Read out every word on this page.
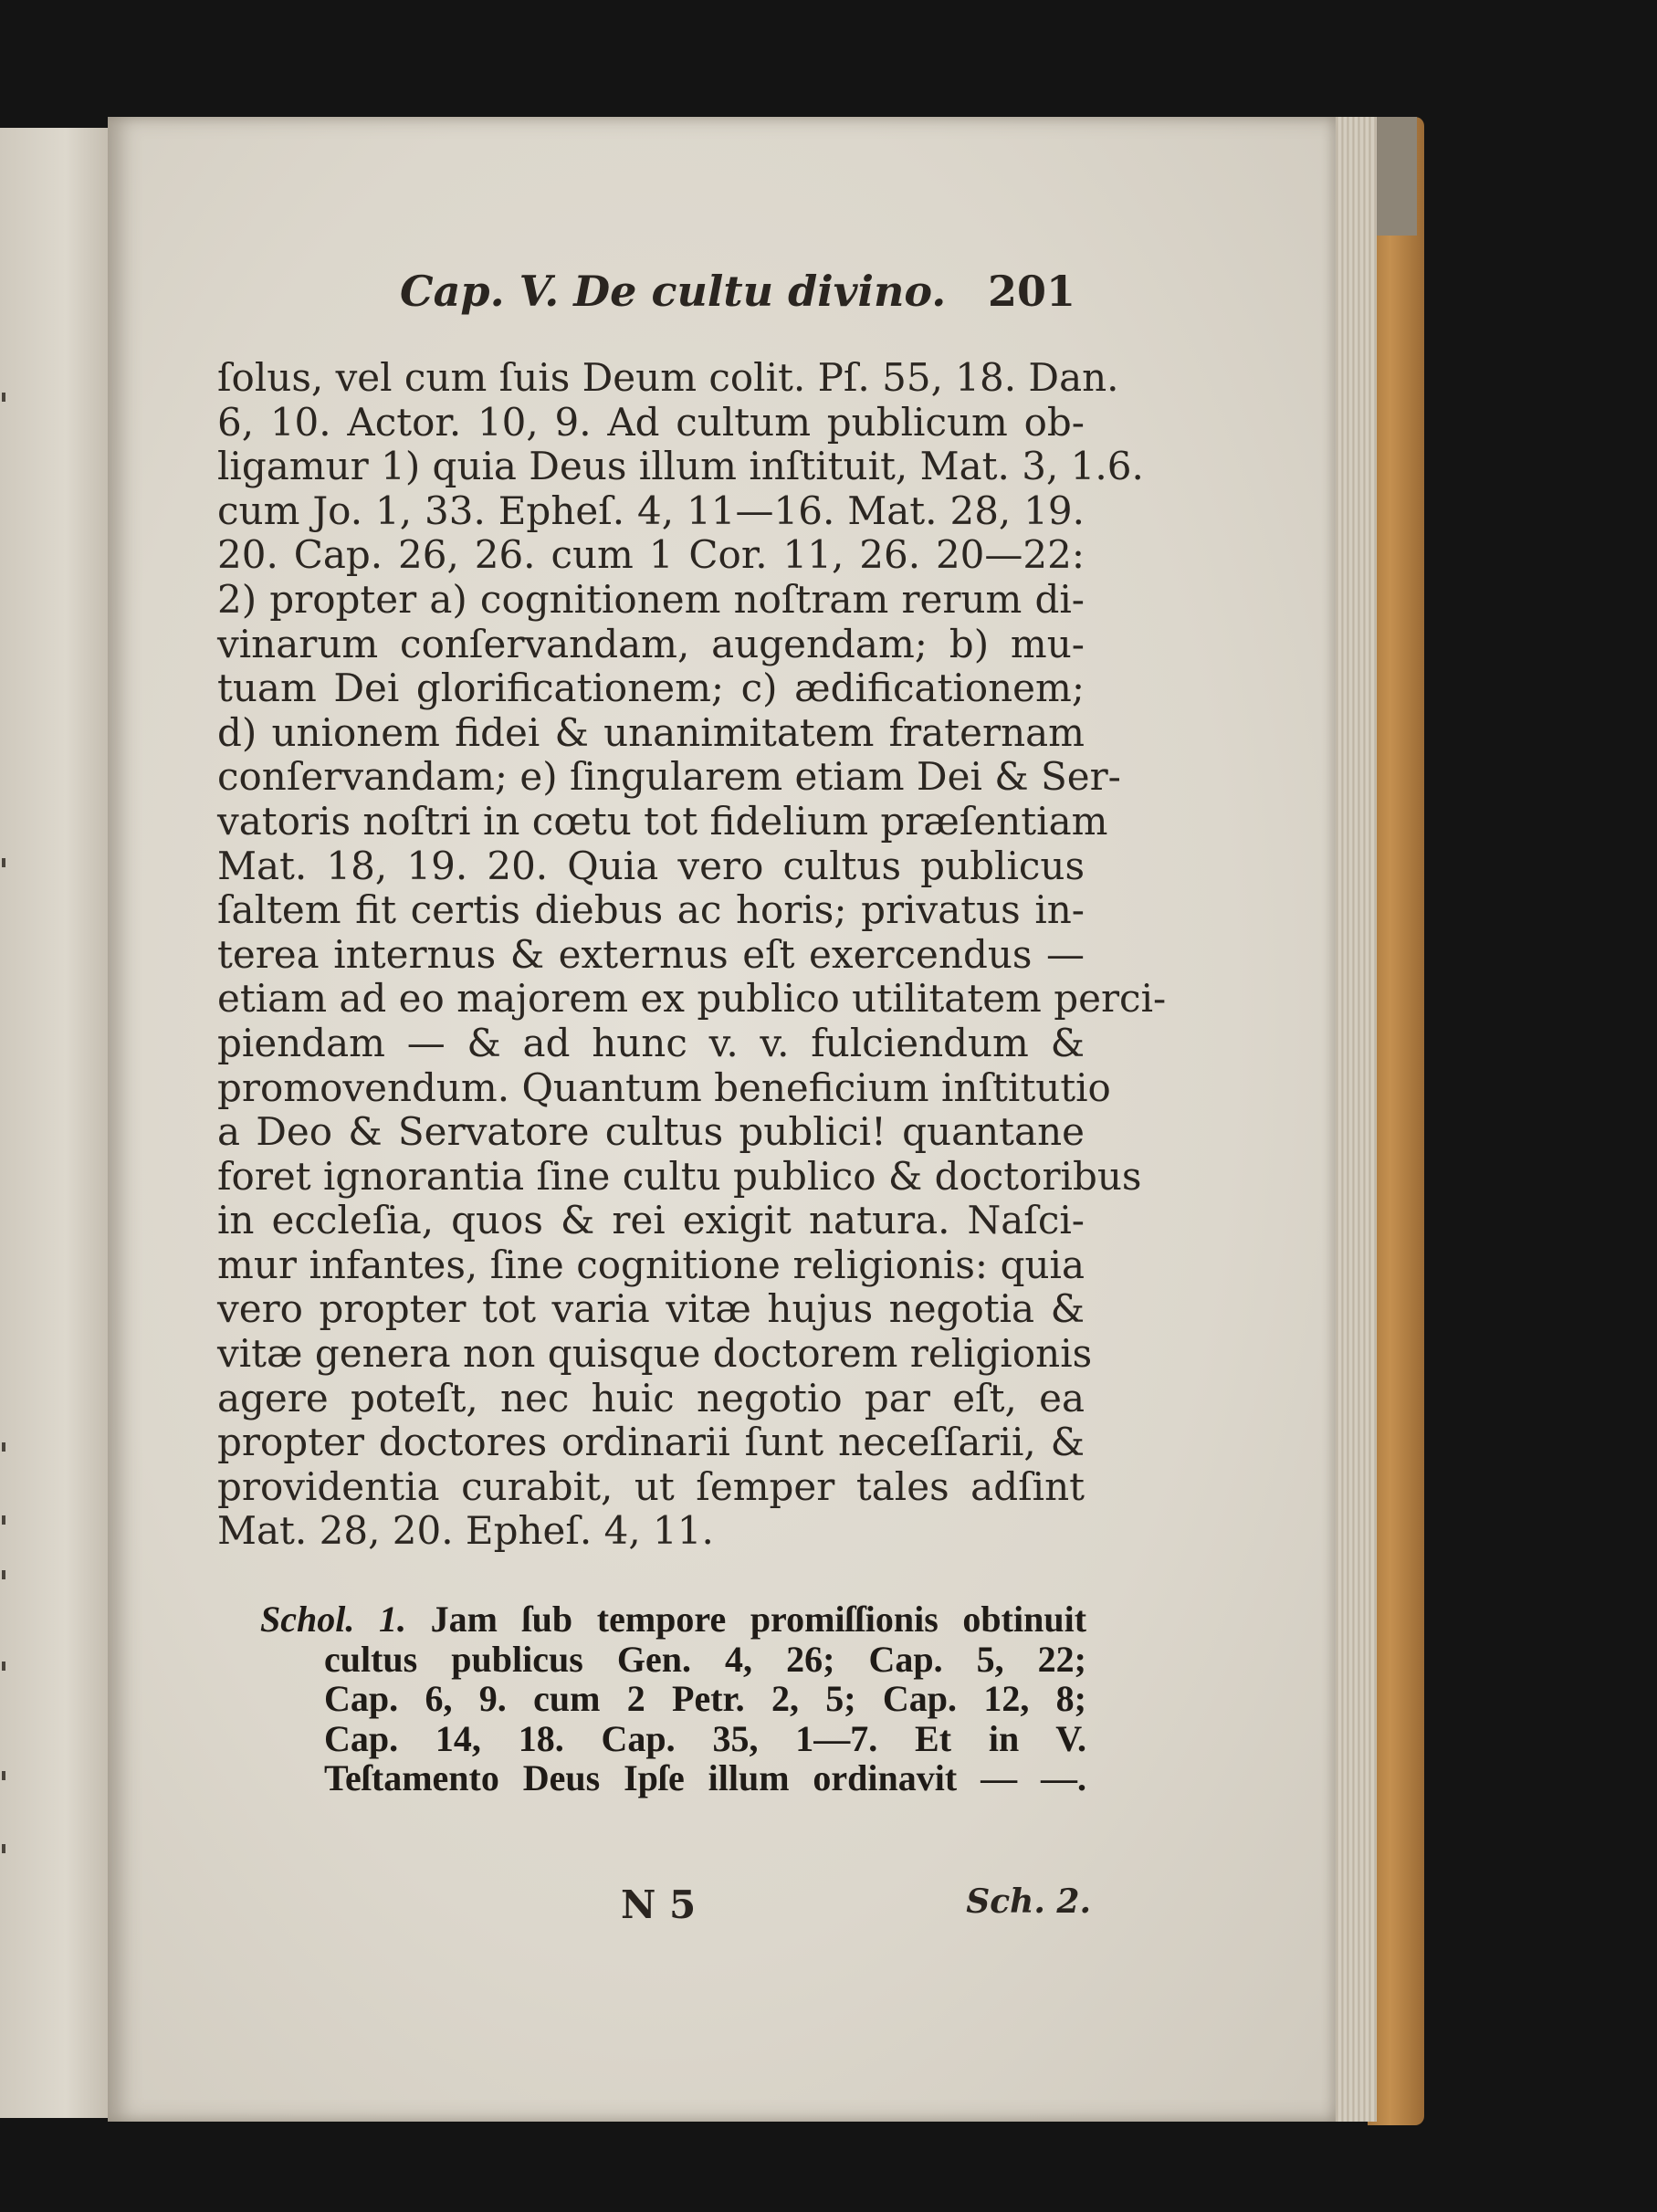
Cap. V. De cultu divino. 201
ſolus, vel cum ſuis Deum colit. Pſ. 55, 18. Dan.
6, 10. Actor. 10, 9. Ad cultum publicum ob-
ligamur 1) quia Deus illum inſtituit, Mat. 3, 1.6.
cum Jo. 1, 33. Epheſ. 4, 11—16. Mat. 28, 19.
20. Cap. 26, 26. cum 1 Cor. 11, 26. 20—22:
2) propter a) cognitionem noſtram rerum di-
vinarum conſervandam, augendam; b) mu-
tuam Dei glorificationem; c) ædificationem;
d) unionem fidei & unanimitatem fraternam
conſervandam; e) ſingularem etiam Dei & Ser-
vatoris noſtri in cœtu tot fidelium præſentiam
Mat. 18, 19. 20. Quia vero cultus publicus
ſaltem fit certis diebus ac horis; privatus in-
terea internus & externus eſt exercendus —
etiam ad eo majorem ex publico utilitatem perci-
piendam — & ad hunc v. v. fulciendum &
promovendum. Quantum beneficium inſtitutio
a Deo & Servatore cultus publici! quantane
foret ignorantia ſine cultu publico & doctoribus
in eccleſia, quos & rei exigit natura. Naſci-
mur infantes, ſine cognitione religionis: quia
vero propter tot varia vitæ hujus negotia &
vitæ genera non quisque doctorem religionis
agere poteſt, nec huic negotio par eſt, ea
propter doctores ordinarii ſunt neceſſarii, &
providentia curabit, ut ſemper tales adſint
Mat. 28, 20. Epheſ. 4, 11.
Schol. 1. Jam ſub tempore promiſſionis obtinuit
cultus publicus Gen. 4, 26; Cap. 5, 22;
Cap. 6, 9. cum 2 Petr. 2, 5; Cap. 12, 8;
Cap. 14, 18. Cap. 35, 1—7. Et in V.
Teſtamento Deus Ipſe illum ordinavit — —.
N 5	Sch. 2.
